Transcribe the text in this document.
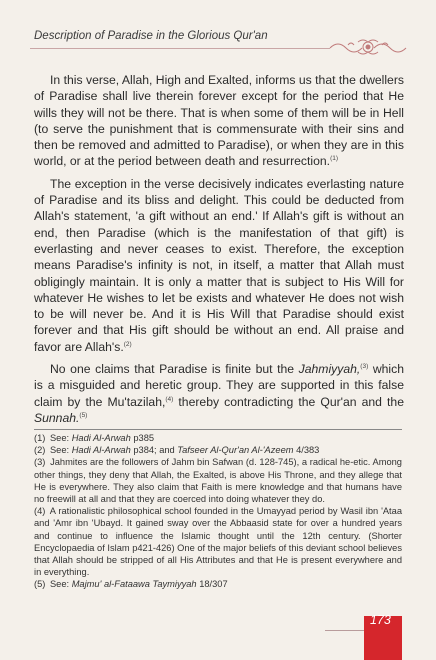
Description of Paradise in the Glorious Qur'an

In this verse, Allah, High and Exalted, informs us that the dwellers of Paradise shall live therein forever except for the period that He wills they will not be there. That is when some of them will be in Hell (to serve the punishment that is commensurate with their sins and then be removed and admitted to Paradise), or when they are in this world, or at the period between death and resurrection.$^{(1)}$

The exception in the verse decisively indicates everlasting nature of Paradise and its bliss and delight. This could be deducted from Allah's statement, 'a gift without an end.' If Allah's gift is without an end, then Paradise (which is the manifestation of that gift) is everlasting and never ceases to exist. Therefore, the exception means Paradise's infinity is not, in itself, a matter that Allah must obligingly maintain. It is only a matter that is subject to His Will for whatever He wishes to let be exists and whatever He does not wish to be will never be. And it is His Will that Paradise should exist forever and that His gift should be without an end. All praise and favor are Allah's.$^{(2)}$

No one claims that Paradise is finite but the Jahmiyyah,$^{(3)}$ which is a misguided and heretic group. They are supported in this false claim by the Mu'tazilah,$^{(4)}$ thereby contradicting the Qur'an and the Sunnah.$^{(5)}$

(1) See: Hadi Al-Arwah p385
(2) See: Hadi Al-Arwah p384; and Tafseer Al-Qur'an Al-'Azeem 4/383
(3) Jahmites are the followers of Jahm bin Safwan (d. 128-745), a radical he-etic. Among other things, they deny that Allah, the Exalted, is above His Throne, and they allege that He is everywhere. They also claim that Faith is mere knowledge and that humans have no freewill at all and that they are coerced into doing whatever they do.
(4) A rationalistic philosophical school founded in the Umayyad period by Wasil ibn 'Ataa and 'Amr ibn 'Ubayd. It gained sway over the Abbaasid state for over a hundred years and continue to influence the Islamic thought until the 12th century. (Shorter Encyclopaedia of Islam p421-426) One of the major beliefs of this deviant school believes that Allah should be stripped of all His Attributes and that He is present everywhere and in everything.
(5) See: Majmu' al-Fataawa Taymiyyah 18/307
173
